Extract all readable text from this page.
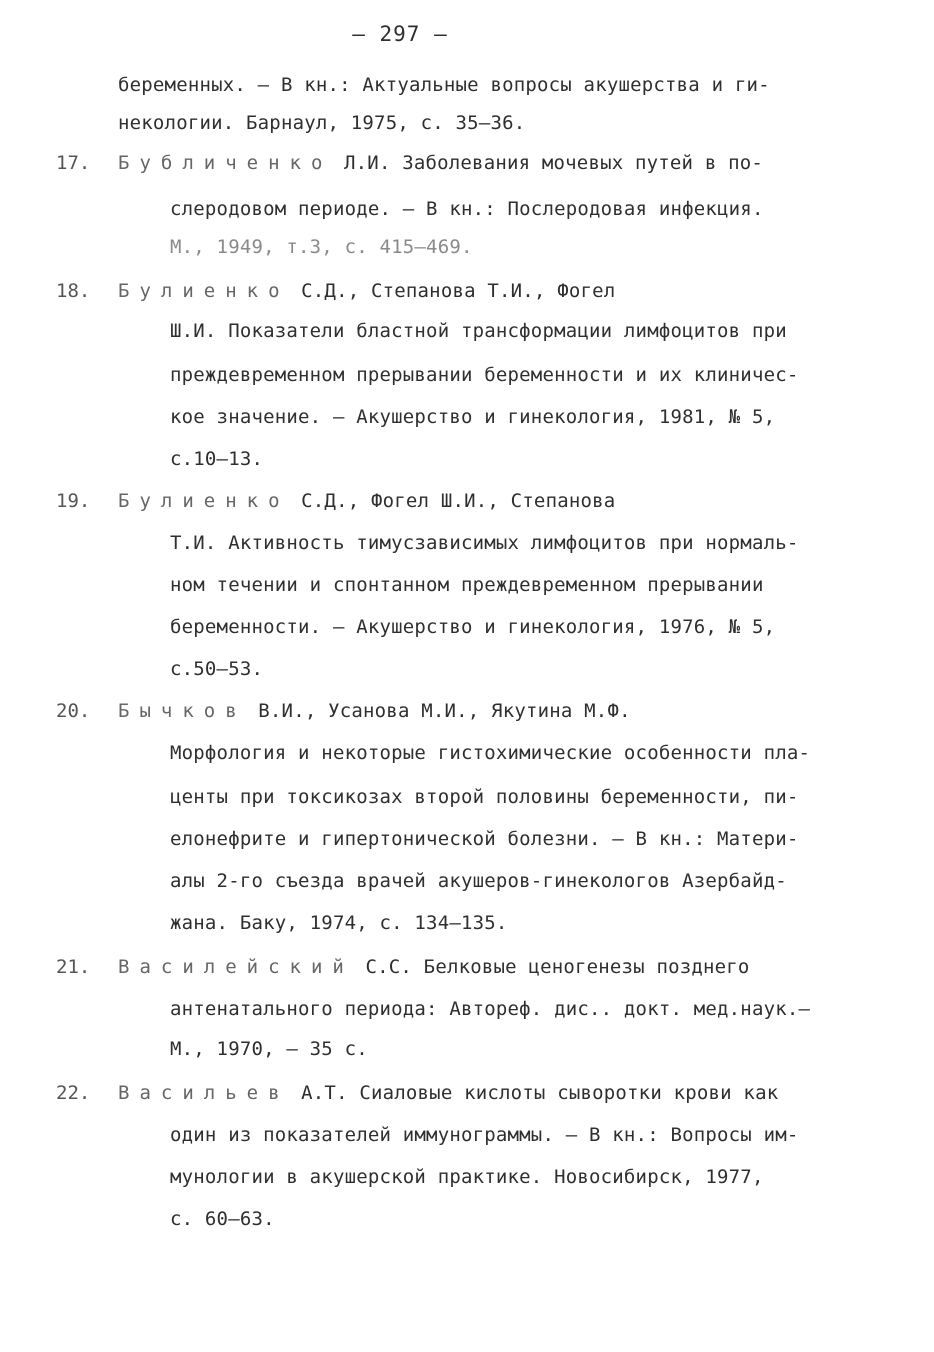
– 297 –
беременных. – В кн.: Актуальные вопросы акушерства и ги-
некологии. Барнаул, 1975, с. 35–36.
17. Бубличенко Л.И. Заболевания мочевых путей в по-
слеродовом периоде. – В кн.: Послеродовая инфекция.
М., 1949, т.3, с. 415–469.
18. Булиенко С.Д., Степанова Т.И., Фогел
Ш.И. Показатели бластной трансформации лимфоцитов при
преждевременном прерывании беременности и их клиничес-
кое значение. – Акушерство и гинекология, 1981, № 5,
с.10–13.
19. Булиенко С.Д., Фогел Ш.И., Степанова
Т.И. Активность тимусзависимых лимфоцитов при нормаль-
ном течении и спонтанном преждевременном прерывании
беременности. – Акушерство и гинекология, 1976, № 5,
с.50–53.
20. Бычков В.И., Усанова М.И., Якутина М.Ф.
Морфология и некоторые гистохимические особенности пла-
центы при токсикозах второй половины беременности, пи-
елонефрите и гипертонической болезни. – В кн.: Матери-
алы 2-го съезда врачей акушеров-гинекологов Азербайд-
жана. Баку, 1974, с. 134–135.
21. Василейский С.С. Белковые ценогенезы позднего
антенатального периода: Автореф. дис.. докт. мед.наук.–
М., 1970, – 35 с.
22. Васильев А.Т. Сиаловые кислоты сыворотки крови как
один из показателей иммунограммы. – В кн.: Вопросы им-
мунологии в акушерской практике. Новосибирск, 1977,
с. 60–63.
